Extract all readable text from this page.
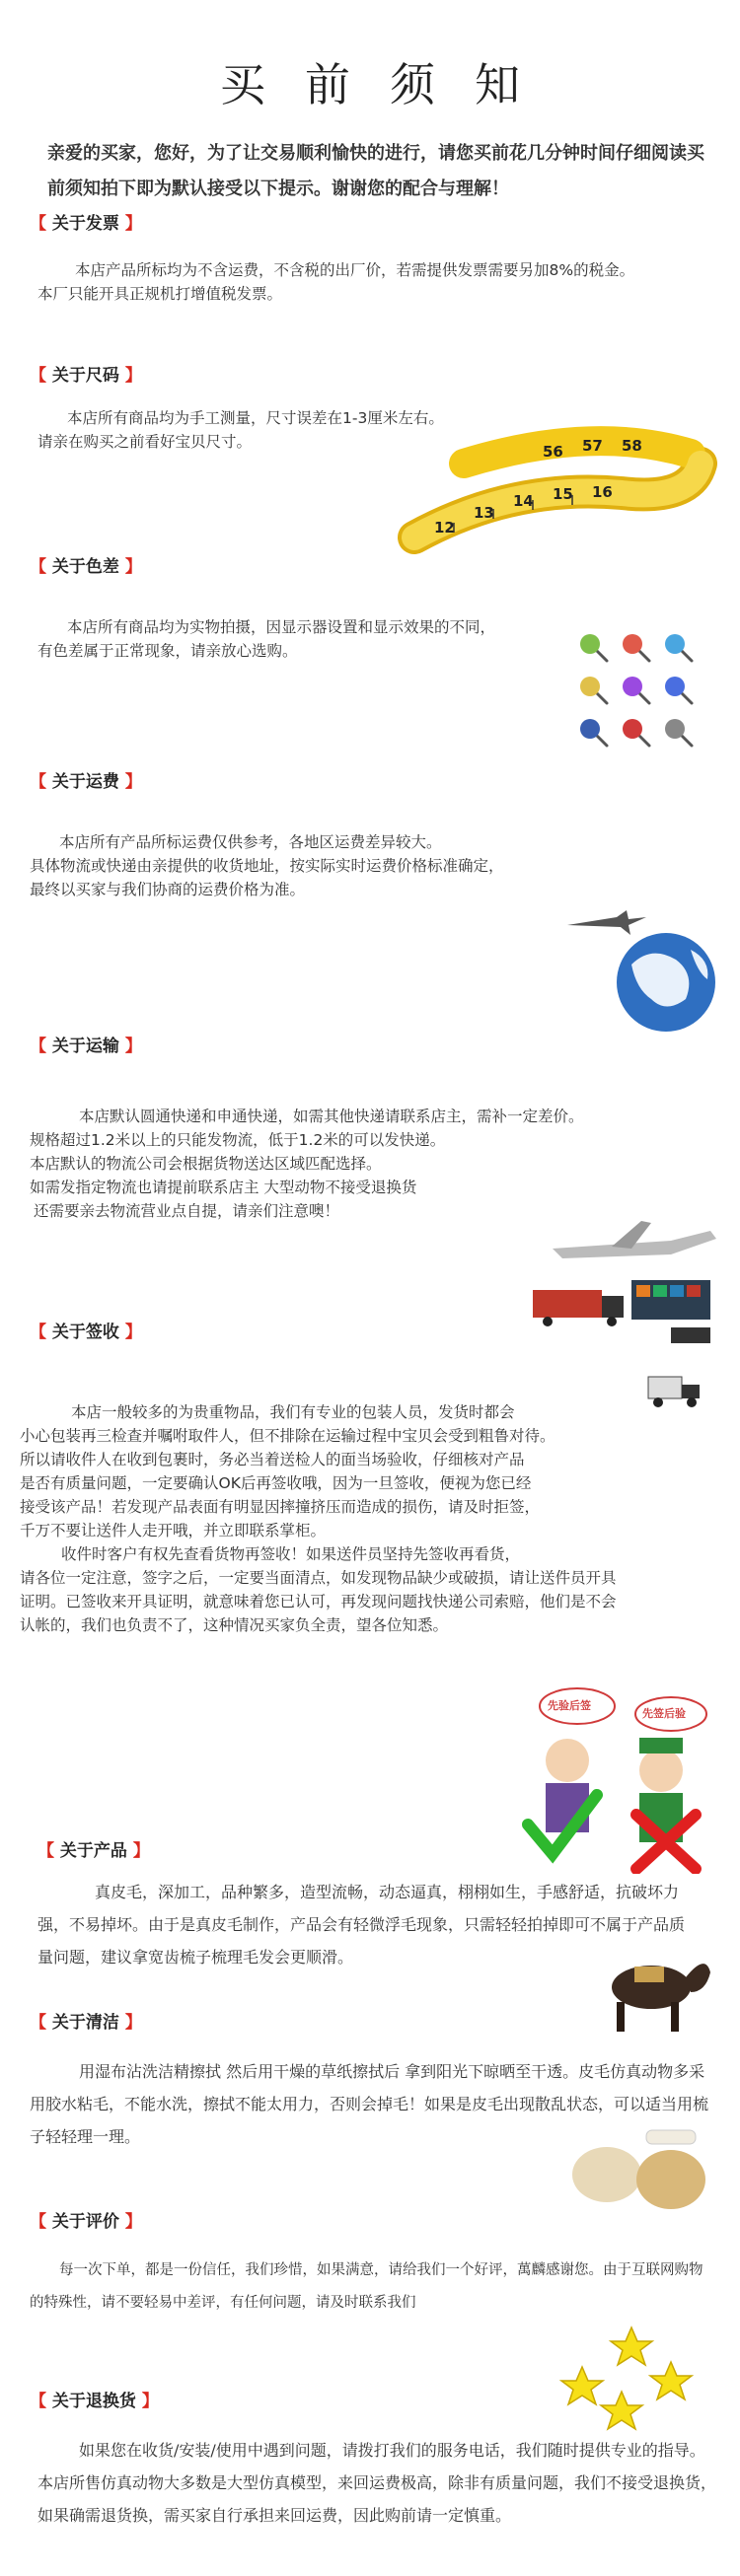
买前须知
亲爱的买家，您好，为了让交易顺利愉快的进行，请您买前花几分钟时间仔细阅读买前须知拍下即为默认接受以下提示。谢谢您的配合与理解！
【 关于发票 】

本店产品所标均为不含运费，不含税的出厂价，若需提供发票需要另加8%的税金。

本厂只能开具正规机打增值税发票。

【 关于尺码 】

本店所有商品均为手工测量，尺寸误差在1-3厘米左右。

请亲在购买之前看好宝贝尺寸。

12
13
14 15 16
56 57 58
【 关于色差 】

本店所有商品均为实物拍摄，因显示器设置和显示效果的不同，

有色差属于正常现象，请亲放心选购。

【 关于运费 】

本店所有产品所标运费仅供参考，各地区运费差异较大。

具体物流或快递由亲提供的收货地址，按实际实时运费价格标准确定，

最终以买家与我们协商的运费价格为准。

【 关于运输 】

本店默认圆通快递和申通快递，如需其他快递请联系店主，需补一定差价。

规格超过1.2米以上的只能发物流，低于1.2米的可以发快递。

本店默认的物流公司会根据货物送达区域匹配选择。

如需发指定物流也请提前联系店主 大型动物不接受退换货

还需要亲去物流营业点自提，请亲们注意噢！

【 关于签收 】

本店一般较多的为贵重物品，我们有专业的包装人员，发货时都会

小心包装再三检查并嘱咐取件人，但不排除在运输过程中宝贝会受到粗鲁对待。

所以请收件人在收到包裹时，务必当着送检人的面当场验收，仔细核对产品

是否有质量问题，一定要确认OK后再签收哦，因为一旦签收，便视为您已经

接受该产品！若发现产品表面有明显因摔撞挤压而造成的损伤，请及时拒签，

千万不要让送件人走开哦，并立即联系掌柜。

收件时客户有权先查看货物再签收！如果送件员坚持先签收再看货，

请各位一定注意，签字之后，一定要当面清点，如发现物品缺少或破损，请让送件员开具

证明。已签收来开具证明，就意味着您已认可，再发现问题找快递公司索赔，他们是不会

认帐的，我们也负责不了，这种情况买家负全责，望各位知悉。

先验后签
先签后验
【 关于产品 】
真皮毛，深加工，品种繁多，造型流畅，动态逼真，栩栩如生，手感舒适，抗破坏力强，不易掉坏。由于是真皮毛制作，产品会有轻微浮毛现象，只需轻轻拍掉即可不属于产品质量问题，建议拿宽齿梳子梳理毛发会更顺滑。
【 关于清洁 】
用湿布沾洗洁精擦拭 然后用干燥的草纸擦拭后 拿到阳光下晾晒至干透。皮毛仿真动物多采用胶水粘毛，不能水洗，擦拭不能太用力，否则会掉毛！如果是皮毛出现散乱状态，可以适当用梳子轻轻理一理。
【 关于评价 】
每一次下单，都是一份信任，我们珍惜，如果满意，请给我们一个好评，萬麟感谢您。由于互联网购物的特殊性，请不要轻易中差评，有任何问题，请及时联系我们
【 关于退换货 】
如果您在收货/安装/使用中遇到问题，请拨打我们的服务电话，我们随时提供专业的指导。本店所售仿真动物大多数是大型仿真模型，来回运费极高，除非有质量问题，我们不接受退换货，如果确需退货换，需买家自行承担来回运费，因此购前请一定慎重。
